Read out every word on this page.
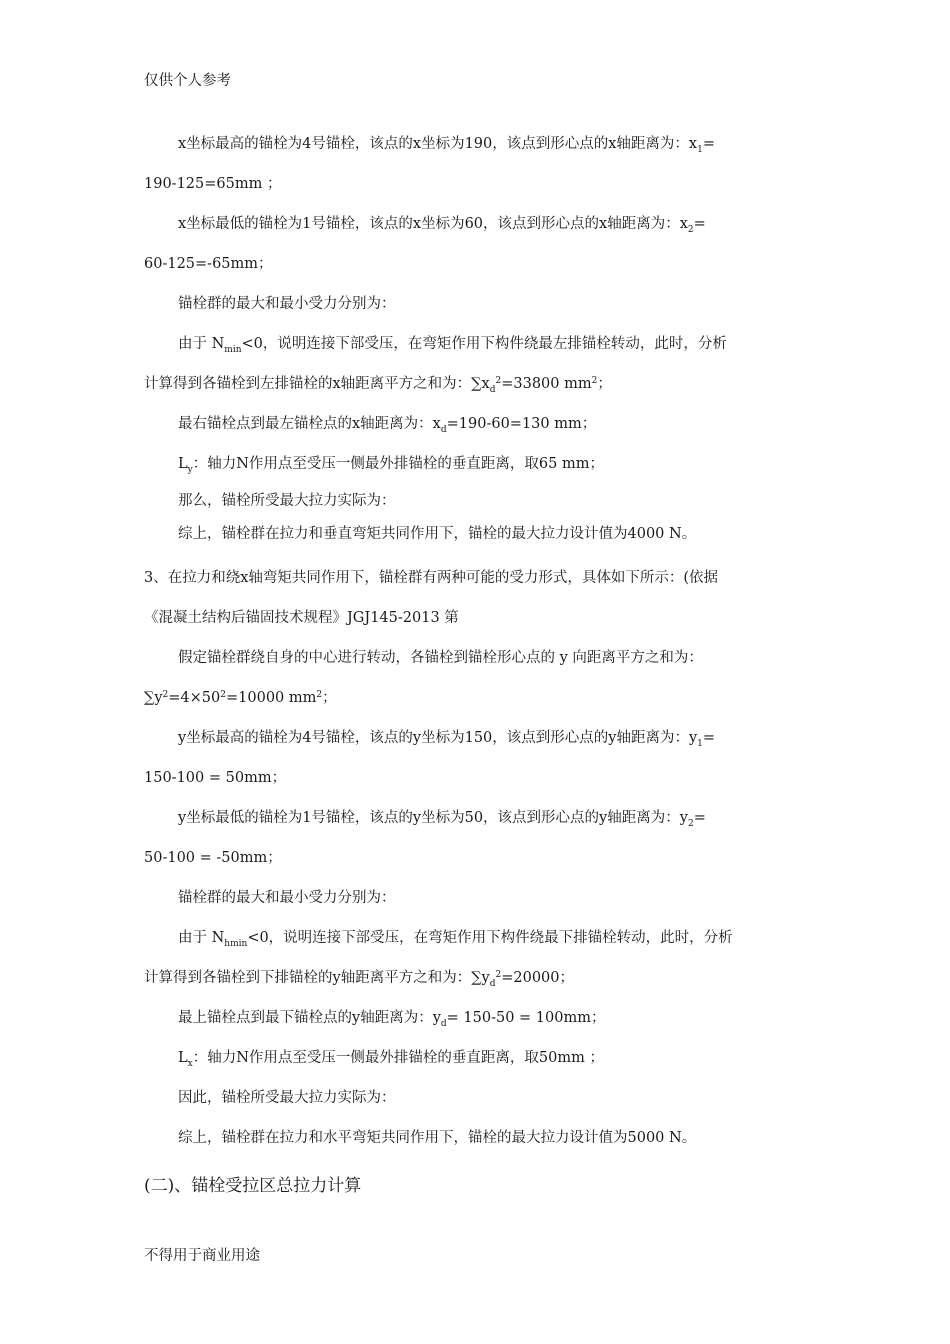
仅供个人参考
x坐标最高的锚栓为4号锚栓，该点的x坐标为190，该点到形心点的x轴距离为：$x_1=$
190-125=65mm ；
x坐标最低的锚栓为1号锚栓，该点的x坐标为60，该点到形心点的x轴距离为：$x_2=$
60-125=-65mm；
锚栓群的最大和最小受力分别为：
由于 $N_{min}<0$，说明连接下部受压，在弯矩作用下构件绕最左排锚栓转动，此时，分析
计算得到各锚栓到左排锚栓的x轴距离平方之和为：$\sum x_d^2=33800$ $mm^2$；
最右锚栓点到最左锚栓点的x轴距离为：$x_d=190-60=130$ mm；
$L_y$：轴力N作用点至受压一侧最外排锚栓的垂直距离，取65 mm；
那么，锚栓所受最大拉力实际为：
综上，锚栓群在拉力和垂直弯矩共同作用下，锚栓的最大拉力设计值为4000 N。
3、在拉力和绕x轴弯矩共同作用下，锚栓群有两种可能的受力形式，具体如下所示：(依据
《混凝土结构后锚固技术规程》JGJ145-2013 第
假定锚栓群绕自身的中心进行转动，各锚栓到锚栓形心点的 y 向距离平方之和为：
$\sum y^2=4\times 50^2=10000$ $mm^2$；
y坐标最高的锚栓为4号锚栓，该点的y坐标为150，该点到形心点的y轴距离为：$y_1=$
150-100 = 50mm；
y坐标最低的锚栓为1号锚栓，该点的y坐标为50，该点到形心点的y轴距离为：$y_2=$
50-100 = -50mm；
锚栓群的最大和最小受力分别为：
由于 $N_{hmin}<0$，说明连接下部受压，在弯矩作用下构件绕最下排锚栓转动，此时，分析
计算得到各锚栓到下排锚栓的y轴距离平方之和为：$\sum y_d^2=20000$；
最上锚栓点到最下锚栓点的y轴距离为：$y_d= 150-50 = 100mm$；
$L_x$：轴力N作用点至受压一侧最外排锚栓的垂直距离，取50mm ；
因此，锚栓所受最大拉力实际为：
综上，锚栓群在拉力和水平弯矩共同作用下，锚栓的最大拉力设计值为5000 N。
(二)、锚栓受拉区总拉力计算
不得用于商业用途
